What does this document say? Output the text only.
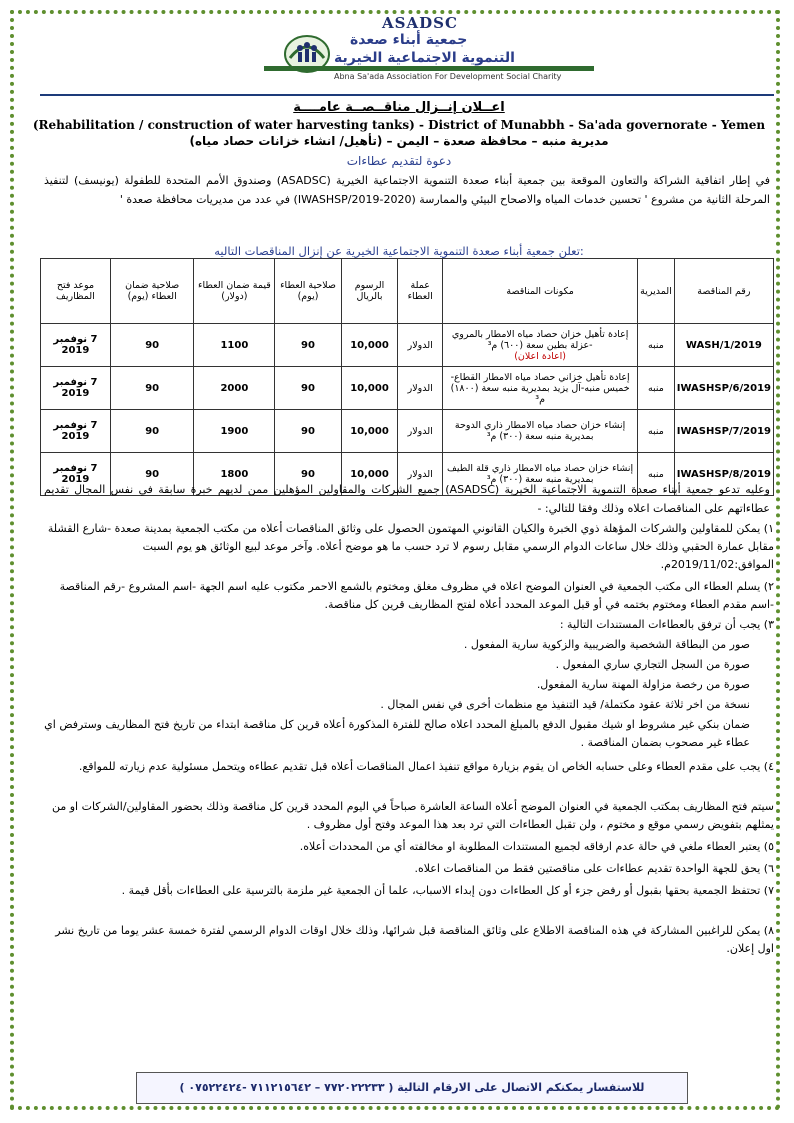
ASADSC
جمعية أبناء صعدة
التنموية الاجتماعية الخيرية
Abna Sa'ada Association For Development Social Charity
اعــلان إنــزال مناقــصــة عامــــة
(Rehabilitation / construction of water harvesting tanks) - District of Munabbh - Sa'ada governorate - Yemen
(تأهيل/ انشاء خزانات حصاد مياه) – مديرية منبه – محافظة صعدة – اليمن
دعوة لتقديم عطاءات
في إطار اتفاقية الشراكة والتعاون الموقعة بين جمعية أبناء صعدة التنموية الاجتماعية الخيرية (ASADSC) وصندوق الأمم المتحدة للطفولة (يونيسف) لتنفيذ المرحلة الثانية من مشروع ' تحسين خدمات المياه والاصحاح البيئي والممارسة (IWASHSP/2019-2020) في عدد من مديريات محافظة صعدة '
تعلن جمعية أبناء صعدة التنموية الاجتماعية الخيرية عن إنزال المناقصات التاليه:
رقم المناقصة	المديرية	مكونات المناقصة	عملة العطاء	الرسوم بالريال	صلاحية العطاء (يوم)	قيمة ضمان العطاء (دولار)	صلاحية ضمان العطاء (يوم)	موعد فتح المظاريف
WASH/1/2019	منبه	إعادة تأهيل خزان حصاد مياه الامطار بالمروي -عزلة بطين سعة (٦٠٠) م³
(اعادة اعلان)	الدولار	10,000	90	1100	90	7 نوفمبر 2019
IWASHSP/6/2019	منبه	إعادة تأهيل خزاني حصاد مياه الامطار القطاع-خميس منبه-آل يزيد بمديرية منبه سعة (١٨٠٠) م³	الدولار	10,000	90	2000	90	7 نوفمبر 2019
IWASHSP/7/2019	منبه	إنشاء خزان حصاد مياه الامطار ذاري الدوحة بمديرية منبه سعة (٣٠٠) م³	الدولار	10,000	90	1900	90	7 نوفمبر 2019
IWASHSP/8/2019	منبه	إنشاء خزان حصاد مياه الامطار ذاري قلة الطيف بمديرية منبه سعة (٣٠٠) م³	الدولار	10,000	90	1800	90	7 نوفمبر 2019
وعليه تدعو جمعية أبناء صعدة التنموية الاجتماعية الخيرية (ASADSC) جميع الشركات والمقاولين المؤهلين ممن لديهم خبرة سابقة في نفس المجال تقديم عطاءاتهم على المناقصات اعلاه وذلك وفقا للتالي: -
١) يمكن للمقاولين والشركات المؤهلة ذوي الخبرة والكيان القانوني المهتمون الحصول على وثائق المناقصات أعلاه من مكتب الجمعية بمدينة صعدة -شارع القشلة مقابل عمارة الحقبي وذلك خلال ساعات الدوام الرسمي مقابل رسوم لا ترد حسب ما هو موضح أعلاه. وآخر موعد لبيع الوثائق هو يوم السبت الموافق:2019/11/02م.
٢) يسلم العطاء الى مكتب الجمعية في العنوان الموضح اعلاه في مظروف مغلق ومختوم بالشمع الاحمر مكتوب عليه اسم الجهة -اسم المشروع -رقم المناقصة -اسم مقدم العطاء ومختوم بختمه في أو قبل الموعد المحدد أعلاه لفتح المظاريف قرين كل مناقصة.
٣) يجب أن ترفق بالعطاءات المستندات التالية :
صور من البطاقة الشخصية والضريبية والزكوية سارية المفعول .
صورة من السجل التجاري ساري المفعول .
صورة من رخصة مزاولة المهنة سارية المفعول.
نسخة من اخر ثلاثة عقود مكتملة/ قيد التنفيذ مع منظمات أخرى في نفس المجال .
ضمان بنكي غير مشروط او شيك مقبول الدفع بالمبلغ المحدد اعلاه صالح للفترة المذكورة أعلاه قرين كل مناقصة ابتداء من تاريخ فتح المظاريف وسترفض اي عطاء غير مصحوب بضمان المناقصة .
٤) يجب على مقدم العطاء وعلى حسابه الخاص ان يقوم بزيارة مواقع تنفيذ اعمال المناقصات أعلاه قبل تقديم عطاءه ويتحمل مسئولية عدم زيارته للمواقع.
سيتم فتح المظاريف بمكتب الجمعية في العنوان الموضح أعلاه الساعة العاشرة صباحاً في اليوم المحدد قرين كل مناقصة وذلك بحضور المقاولين/الشركات او من يمثلهم بتفويض رسمي موقع و مختوم ، ولن تقبل العطاءات التي ترد بعد هذا الموعد وفتح أول مظروف .
٥) يعتبر العطاء ملغي في حالة عدم ارفاقه لجميع المستندات المطلوبة او مخالفته أي من المحددات أعلاه.
٦) يحق للجهة الواحدة تقديم عطاءات على مناقصتين فقط من المناقصات اعلاه.
٧) تحتفظ الجمعية بحقها بقبول أو رفض جزء أو كل العطاءات دون إبداء الاسباب، علما أن الجمعية غير ملزمة بالترسية على العطاءات بأقل قيمة .
٨) يمكن للراغبين المشاركة في هذه المناقصة الاطلاع على وثائق المناقصة قبل شرائها، وذلك خلال اوقات الدوام الرسمي لفترة خمسة عشر يوما من تاريخ نشر اول إعلان.
للاستفسار يمكنكم الاتصال على الارقام التالية ( ٧٧٢٠٢٢٢٣٣ – ٧١١٢١٥٦٤٢ -٠٧٥٢٢٤٢٤ )
